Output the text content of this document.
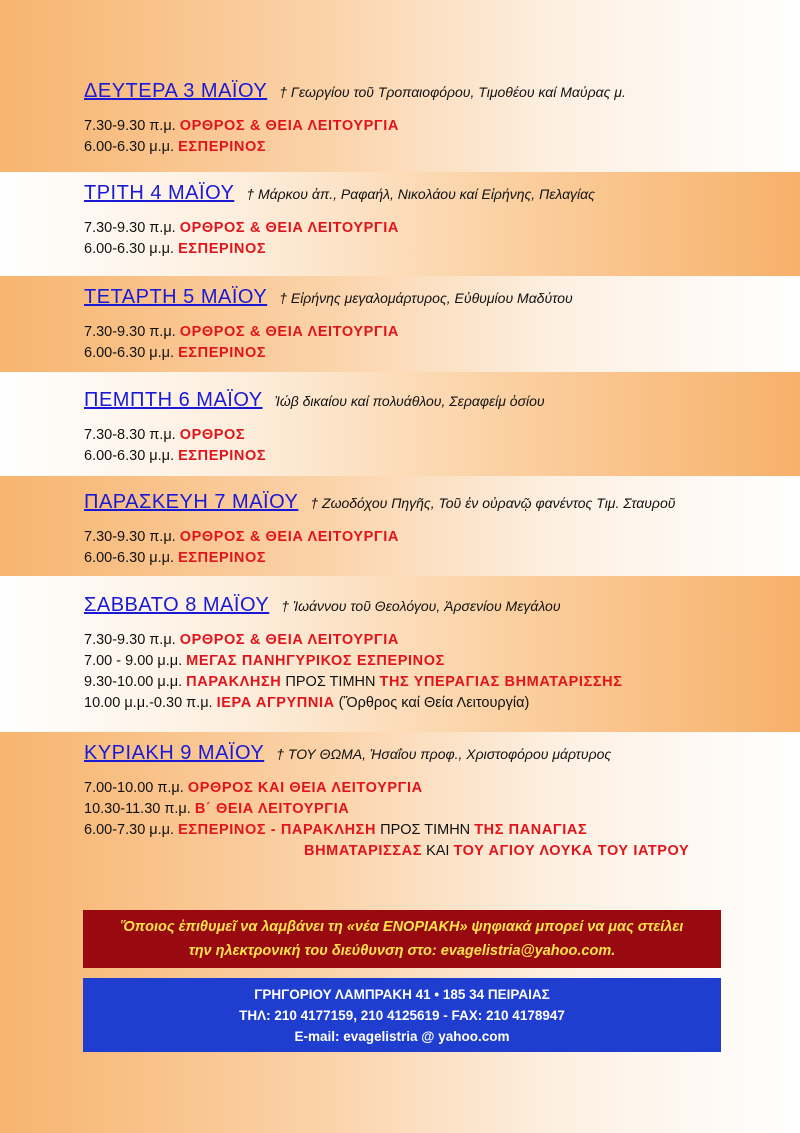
ΔΕΥΤΕΡΑ 3 ΜΑΪΟΥ † Γεωργίου τοῦ Τροπαιοφόρου, Τιμοθέου καί Μαύρας μ.
7.30-9.30 π.μ. ΟΡΘΡΟΣ & ΘΕΙΑ ΛΕΙΤΟΥΡΓΙΑ
6.00-6.30 μ.μ. ΕΣΠΕΡΙΝΟΣ
ΤΡΙΤΗ 4 ΜΑΪΟΥ † Μάρκου ἀπ., Ραφαήλ, Νικολάου καί Εἰρήνης, Πελαγίας
7.30-9.30 π.μ. ΟΡΘΡΟΣ & ΘΕΙΑ ΛΕΙΤΟΥΡΓΙΑ
6.00-6.30 μ.μ. ΕΣΠΕΡΙΝΟΣ
ΤΕΤΑΡΤΗ 5 ΜΑΪΟΥ † Εἰρήνης μεγαλομάρτυρος, Εὐθυμίου Μαδύτου
7.30-9.30 π.μ. ΟΡΘΡΟΣ & ΘΕΙΑ ΛΕΙΤΟΥΡΓΙΑ
6.00-6.30 μ.μ. ΕΣΠΕΡΙΝΟΣ
ΠΕΜΠΤΗ 6 ΜΑΪΟΥ Ἰώβ δικαίου καί πολυάθλου, Σεραφείμ ὁσίου
7.30-8.30 π.μ. ΟΡΘΡΟΣ
6.00-6.30 μ.μ. ΕΣΠΕΡΙΝΟΣ
ΠΑΡΑΣΚΕΥΗ 7 ΜΑΪΟΥ † Ζωοδόχου Πηγῆς, Τοῦ ἐν οὐρανῷ φανέντος Τιμ. Σταυροῦ
7.30-9.30 π.μ. ΟΡΘΡΟΣ & ΘΕΙΑ ΛΕΙΤΟΥΡΓΙΑ
6.00-6.30 μ.μ. ΕΣΠΕΡΙΝΟΣ
ΣΑΒΒΑΤΟ 8 ΜΑΪΟΥ † Ἰωάννου τοῦ Θεολόγου, Ἀρσενίου Μεγάλου
7.30-9.30 π.μ. ΟΡΘΡΟΣ & ΘΕΙΑ ΛΕΙΤΟΥΡΓΙΑ
7.00 - 9.00 μ.μ. ΜΕΓΑΣ ΠΑΝΗΓΥΡΙΚΟΣ ΕΣΠΕΡΙΝΟΣ
9.30-10.00 μ.μ. ΠΑΡΑΚΛΗΣΗ ΠΡΟΣ ΤΙΜΗΝ ΤΗΣ ΥΠΕΡΑΓΙΑΣ ΒΗΜΑΤΑΡΙΣΣΗΣ
10.00 μ.μ.-0.30 π.μ. ΙΕΡΑ ΑΓΡΥΠΝΙΑ (Ὄρθρος καί Θεία Λειτουργία)
ΚΥΡΙΑΚΗ 9 ΜΑΪΟΥ † ΤΟΥ ΘΩΜΑ, Ἡσαΐου προφ., Χριστοφόρου μάρτυρος
7.00-10.00 π.μ. ΟΡΘΡΟΣ ΚΑΙ ΘΕΙΑ ΛΕΙΤΟΥΡΓΙΑ
10.30-11.30 π.μ. Β΄ ΘΕΙΑ ΛΕΙΤΟΥΡΓΙΑ
6.00-7.30 μ.μ. ΕΣΠΕΡΙΝΟΣ - ΠΑΡΑΚΛΗΣΗ ΠΡΟΣ ΤΙΜΗΝ ΤΗΣ ΠΑΝΑΓΙΑΣ
ΒΗΜΑΤΑΡΙΣΣΑΣ ΚΑΙ ΤΟΥ ΑΓΙΟΥ ΛΟΥΚΑ ΤΟΥ ΙΑΤΡΟΥ
Ὅποιος ἐπιθυμεῖ να λαμβάνει τη «νέα ΕΝΟΡΙΑΚΗ» ψηφιακά μπορεί να μας στείλει
την ηλεκτρονική του διεύθυνση στο: evagelistria@yahoo.com.
ΓΡΗΓΟΡΙΟΥ ΛΑΜΠΡΑΚΗ 41 • 185 34 ΠΕΙΡΑΙΑΣ
ΤΗΛ: 210 4177159, 210 4125619 - FAX: 210 4178947
E-mail: evagelistria @ yahoo.com
